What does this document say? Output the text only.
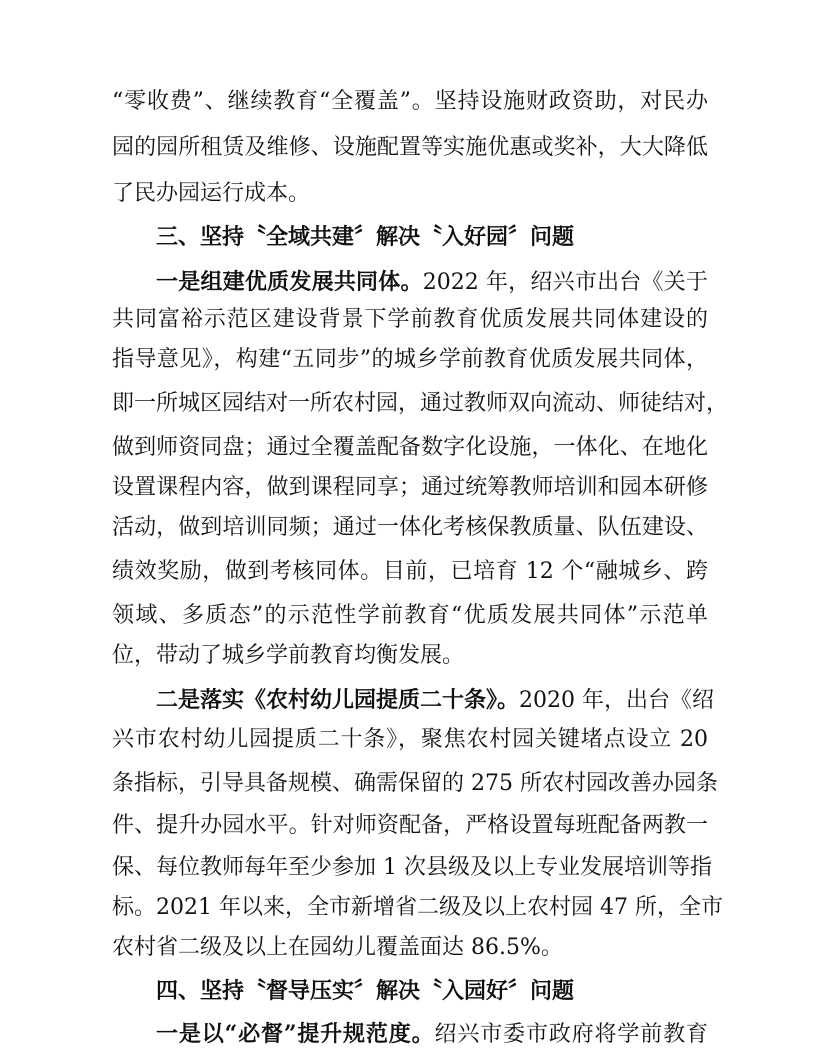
“零收费”、继续教育“全覆盖”。坚持设施财政资助，对民办
园的园所租赁及维修、设施配置等实施优惠或奖补，大大降低
了民办园运行成本。
三、坚持〝全域共建〞解决〝入好园〞问题
一是组建优质发展共同体。2022 年，绍兴市出台《关于
共同富裕示范区建设背景下学前教育优质发展共同体建设的
指导意见》，构建“五同步”的城乡学前教育优质发展共同体，
即一所城区园结对一所农村园，通过教师双向流动、师徒结对，
做到师资同盘；通过全覆盖配备数字化设施，一体化、在地化
设置课程内容，做到课程同享；通过统筹教师培训和园本研修
活动，做到培训同频；通过一体化考核保教质量、队伍建设、
绩效奖励，做到考核同体。目前，已培育 12 个“融城乡、跨
领域、多质态”的示范性学前教育“优质发展共同体”示范单
位，带动了城乡学前教育均衡发展。
二是落实《农村幼儿园提质二十条》。2020 年，出台《绍
兴市农村幼儿园提质二十条》，聚焦农村园关键堵点设立 20
条指标，引导具备规模、确需保留的 275 所农村园改善办园条
件、提升办园水平。针对师资配备，严格设置每班配备两教一
保、每位教师每年至少参加 1 次县级及以上专业发展培训等指
标。2021 年以来，全市新增省二级及以上农村园 47 所，全市
农村省二级及以上在园幼儿覆盖面达 86.5%。
四、坚持〝督导压实〞解决〝入园好〞问题
一是以“必督”提升规范度。绍兴市委市政府将学前教育
